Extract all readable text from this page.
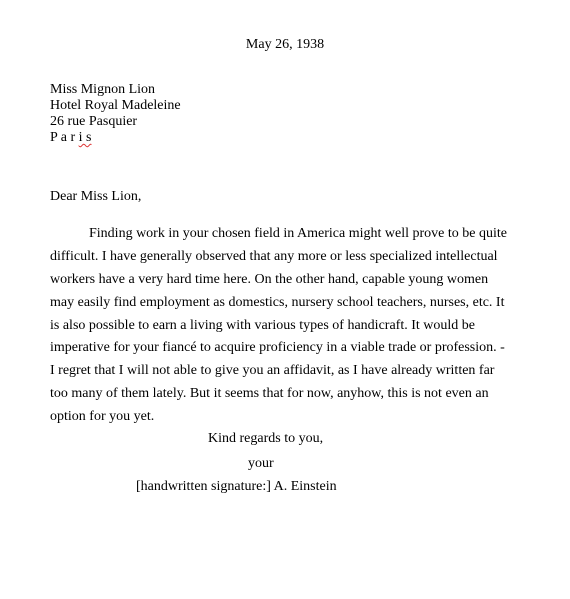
May 26, 1938
Miss Mignon Lion
Hotel Royal Madeleine
26 rue Pasquier
P a r i s
Dear Miss Lion,
Finding work in your chosen field in America might well prove to be quite
difficult. I have generally observed that any more or less specialized intellectual
workers have a very hard time here. On the other hand, capable young women
may easily find employment as domestics, nursery school teachers, nurses, etc. It
is also possible to earn a living with various types of handicraft. It would be
imperative for your fiancé to acquire proficiency in a viable trade or profession. -
I regret that I will not able to give you an affidavit, as I have already written far
too many of them lately. But it seems that for now, anyhow, this is not even an
option for you yet.
Kind regards to you,
your
[handwritten signature:] A. Einstein
